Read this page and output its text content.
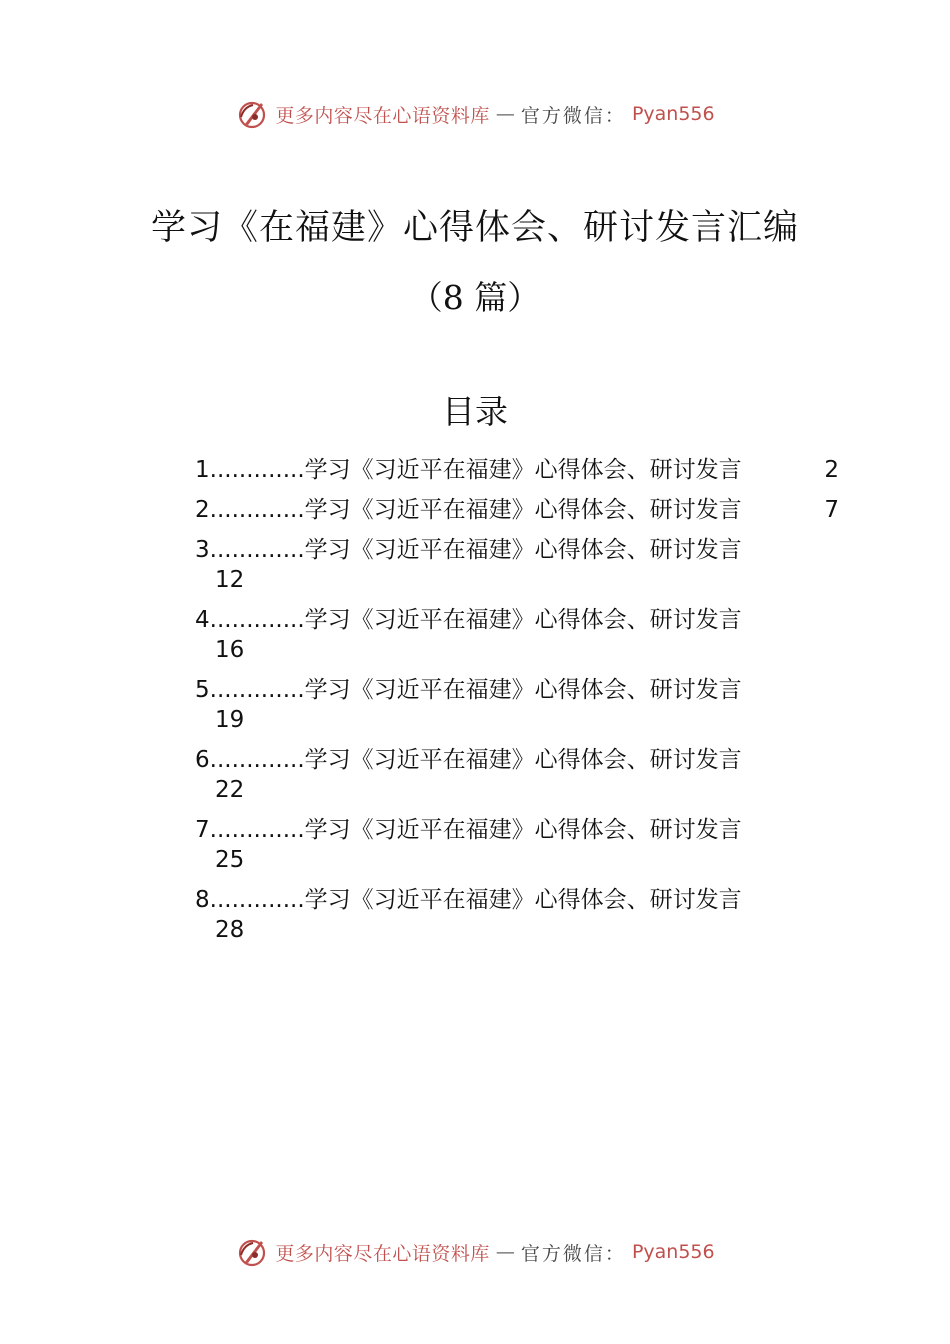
更多内容尽在心语资料库 — 官方微信： Pyan556
学习《在福建》心得体会、研讨发言汇编
（8 篇）
目录
1.............学习《习近平在福建》心得体会、研讨发言	2
2.............学习《习近平在福建》心得体会、研讨发言	7
3.............学习《习近平在福建》心得体会、研讨发言
12
4.............学习《习近平在福建》心得体会、研讨发言
16
5.............学习《习近平在福建》心得体会、研讨发言
19
6.............学习《习近平在福建》心得体会、研讨发言
22
7.............学习《习近平在福建》心得体会、研讨发言
25
8.............学习《习近平在福建》心得体会、研讨发言
28
更多内容尽在心语资料库 — 官方微信： Pyan556
